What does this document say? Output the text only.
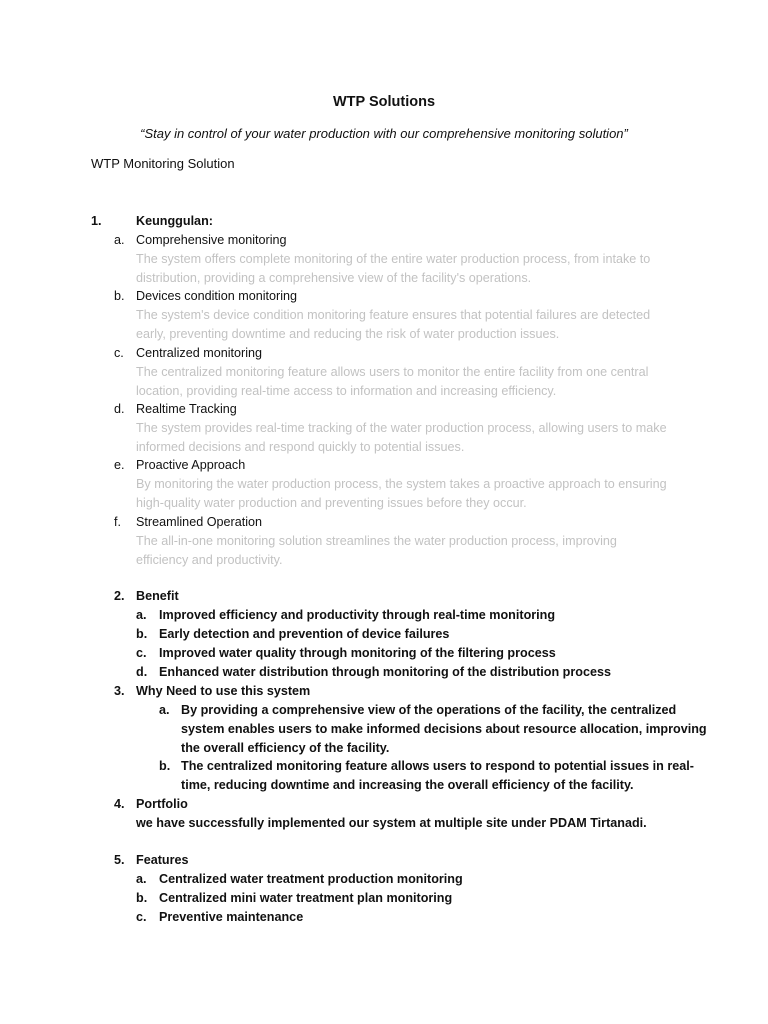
WTP Solutions
“Stay in control of your water production with our comprehensive monitoring solution”
WTP Monitoring Solution
1.	Keunggulan:
a. Comprehensive monitoring
The system offers complete monitoring of the entire water production process, from intake to
distribution, providing a comprehensive view of the facility's operations.
b. Devices condition monitoring
The system's device condition monitoring feature ensures that potential failures are detected
early, preventing downtime and reducing the risk of water production issues.
c. Centralized monitoring
The centralized monitoring feature allows users to monitor the entire facility from one central
location, providing real-time access to information and increasing efficiency.
d. Realtime Tracking
The system provides real-time tracking of the water production process, allowing users to make
informed decisions and respond quickly to potential issues.
e. Proactive Approach
By monitoring the water production process, the system takes a proactive approach to ensuring
high-quality water production and preventing issues before they occur.
f. Streamlined Operation
The all-in-one monitoring solution streamlines the water production process, improving
efficiency and productivity.
2. Benefit
a. Improved efficiency and productivity through real-time monitoring
b. Early detection and prevention of device failures
c. Improved water quality through monitoring of the filtering process
d. Enhanced water distribution through monitoring of the distribution process
3. Why Need to use this system
a. By providing a comprehensive view of the operations of the facility, the centralized
system enables users to make informed decisions about resource allocation, improving
the overall efficiency of the facility.
b. The centralized monitoring feature allows users to respond to potential issues in real-
time, reducing downtime and increasing the overall efficiency of the facility.
4. Portfolio
we have successfully implemented our system at multiple site under PDAM Tirtanadi.
5. Features
a. Centralized water treatment production monitoring
b. Centralized mini water treatment plan monitoring
c. Preventive maintenance
